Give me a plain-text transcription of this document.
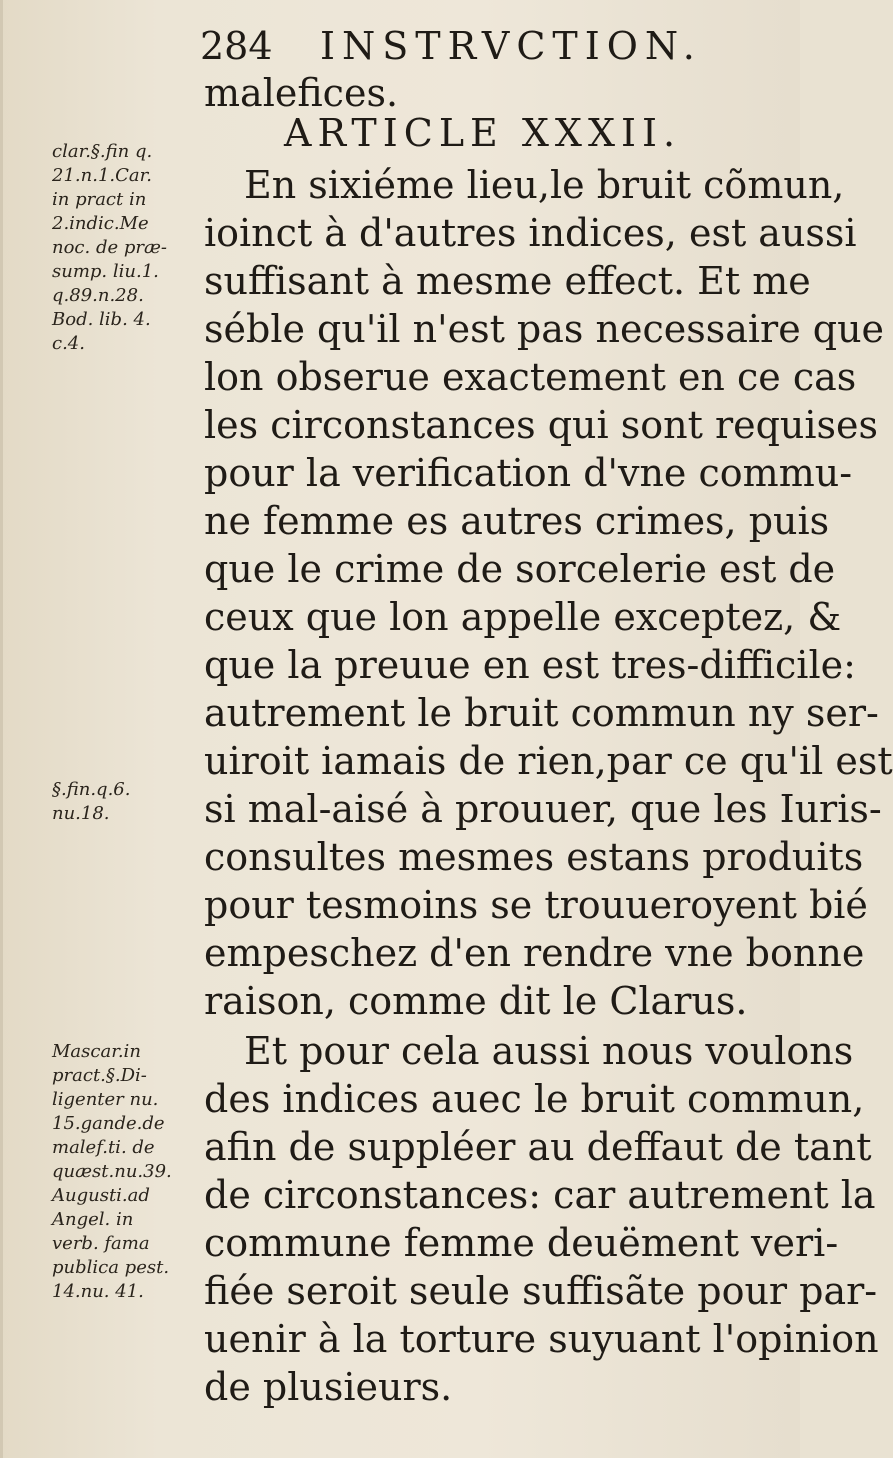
284 INSTRVCTION.
malefices.
ARTICLE XXXII.
En sixiéme lieu,le bruit cõmun,
ioinct à d'autres indices, est aussi
suffisant à mesme effect. Et me
séble qu'il n'est pas necessaire que
lon obserue exactement en ce cas
les circonstances qui sont requises
pour la verification d'vne commu-
ne femme es autres crimes, puis
que le crime de sorcelerie est de
ceux que lon appelle exceptez, &
que la preuue en est tres-difficile:
autrement le bruit commun ny ser-
uiroit iamais de rien,par ce qu'il est
si mal-aisé à prouuer, que les Iuris-
consultes mesmes estans produits
pour tesmoins se trouueroyent bié
empeschez d'en rendre vne bonne
raison, comme dit le Clarus.
Et pour cela aussi nous voulons
des indices auec le bruit commun,
afin de suppléer au deffaut de tant
de circonstances: car autrement la
commune femme deuëment veri-
fiée seroit seule suffisãte pour par-
uenir à la torture suyuant l'opinion
de plusieurs.
clar.§.fin q.
21.n.1.Car.
in pract in
2.indic.Me
noc. de præ-
sump. liu.1.
q.89.n.28.
Bod. lib. 4.
c.4.
§.fin.q.6.
nu.18.
Mascar.in
pract.§.Di-
ligenter nu.
15.gande.de
malef.ti. de
quæst.nu.39.
Augusti.ad
Angel. in
verb. fama
publica pest.
14.nu. 41.
